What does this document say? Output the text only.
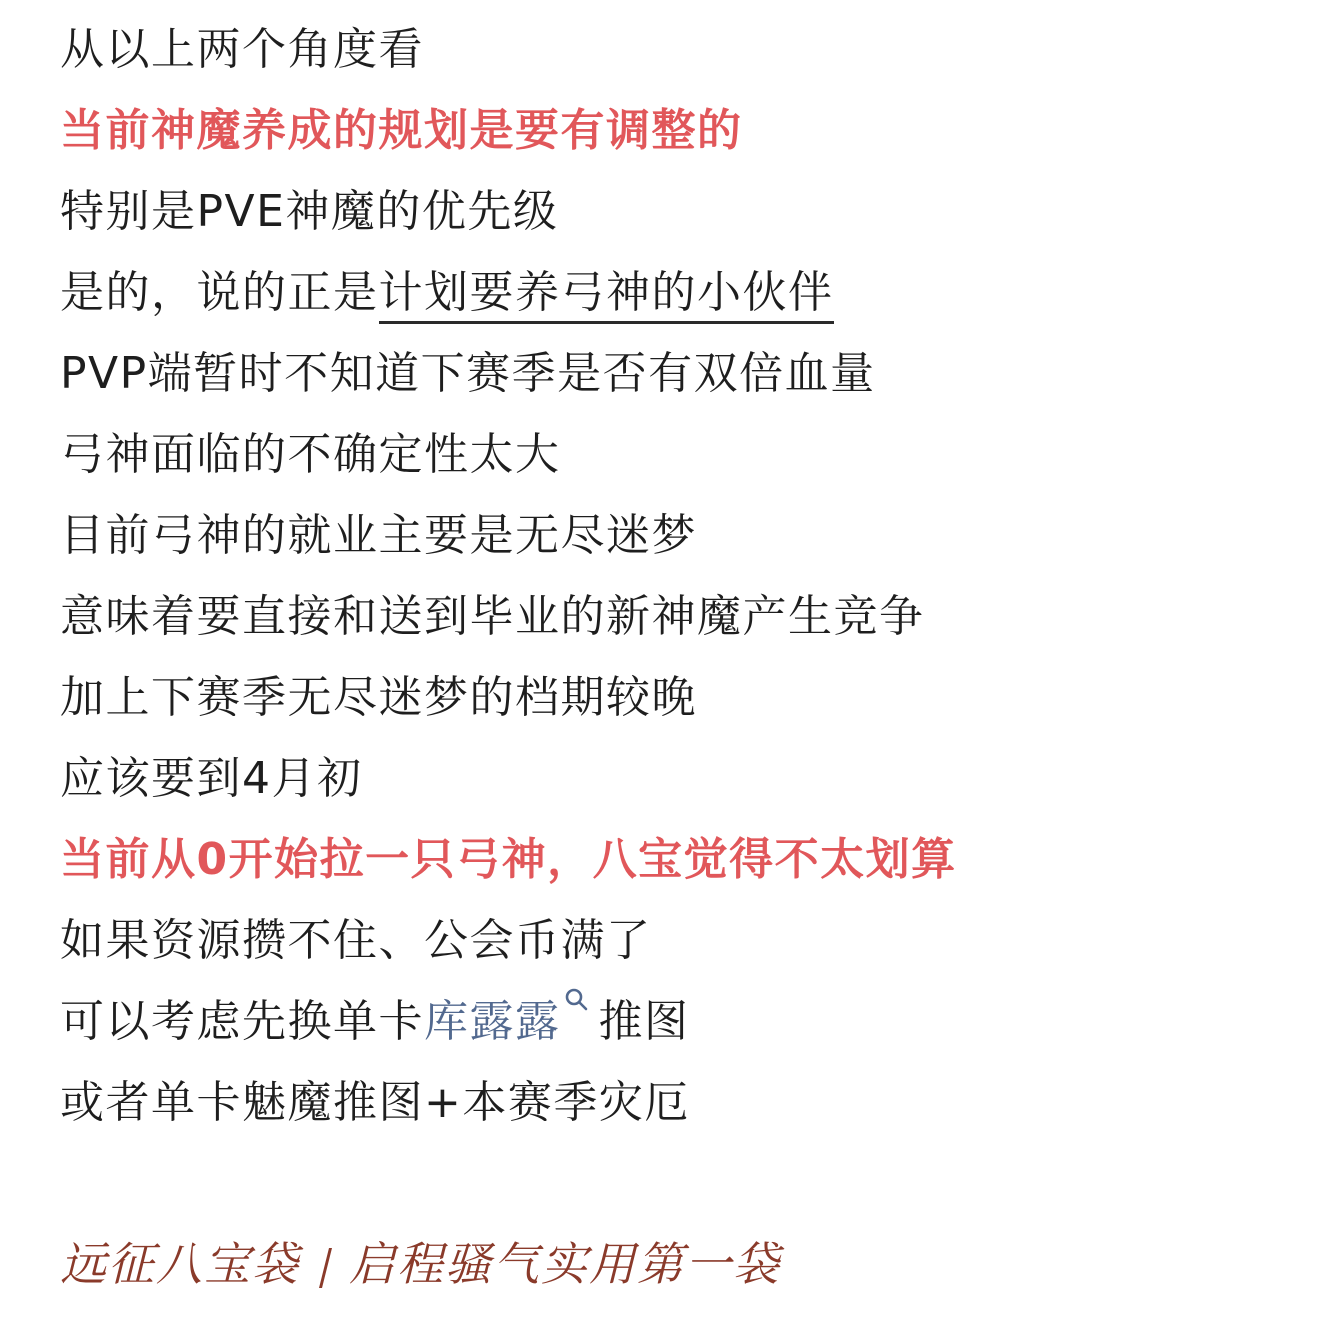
从以上两个角度看

当前神魔养成的规划是要有调整的

特别是PVE神魔的优先级

是的，说的正是计划要养弓神的小伙伴

PVP端暂时不知道下赛季是否有双倍血量

弓神面临的不确定性太大

目前弓神的就业主要是无尽迷梦

意味着要直接和送到毕业的新神魔产生竞争

加上下赛季无尽迷梦的档期较晚

应该要到4月初

当前从0开始拉一只弓神，八宝觉得不太划算

如果资源攒不住、公会币满了

可以考虑先换单卡库露露 推图

或者单卡魅魔推图+本赛季灾厄

远征八宝袋 启程骚气实用第一袋
